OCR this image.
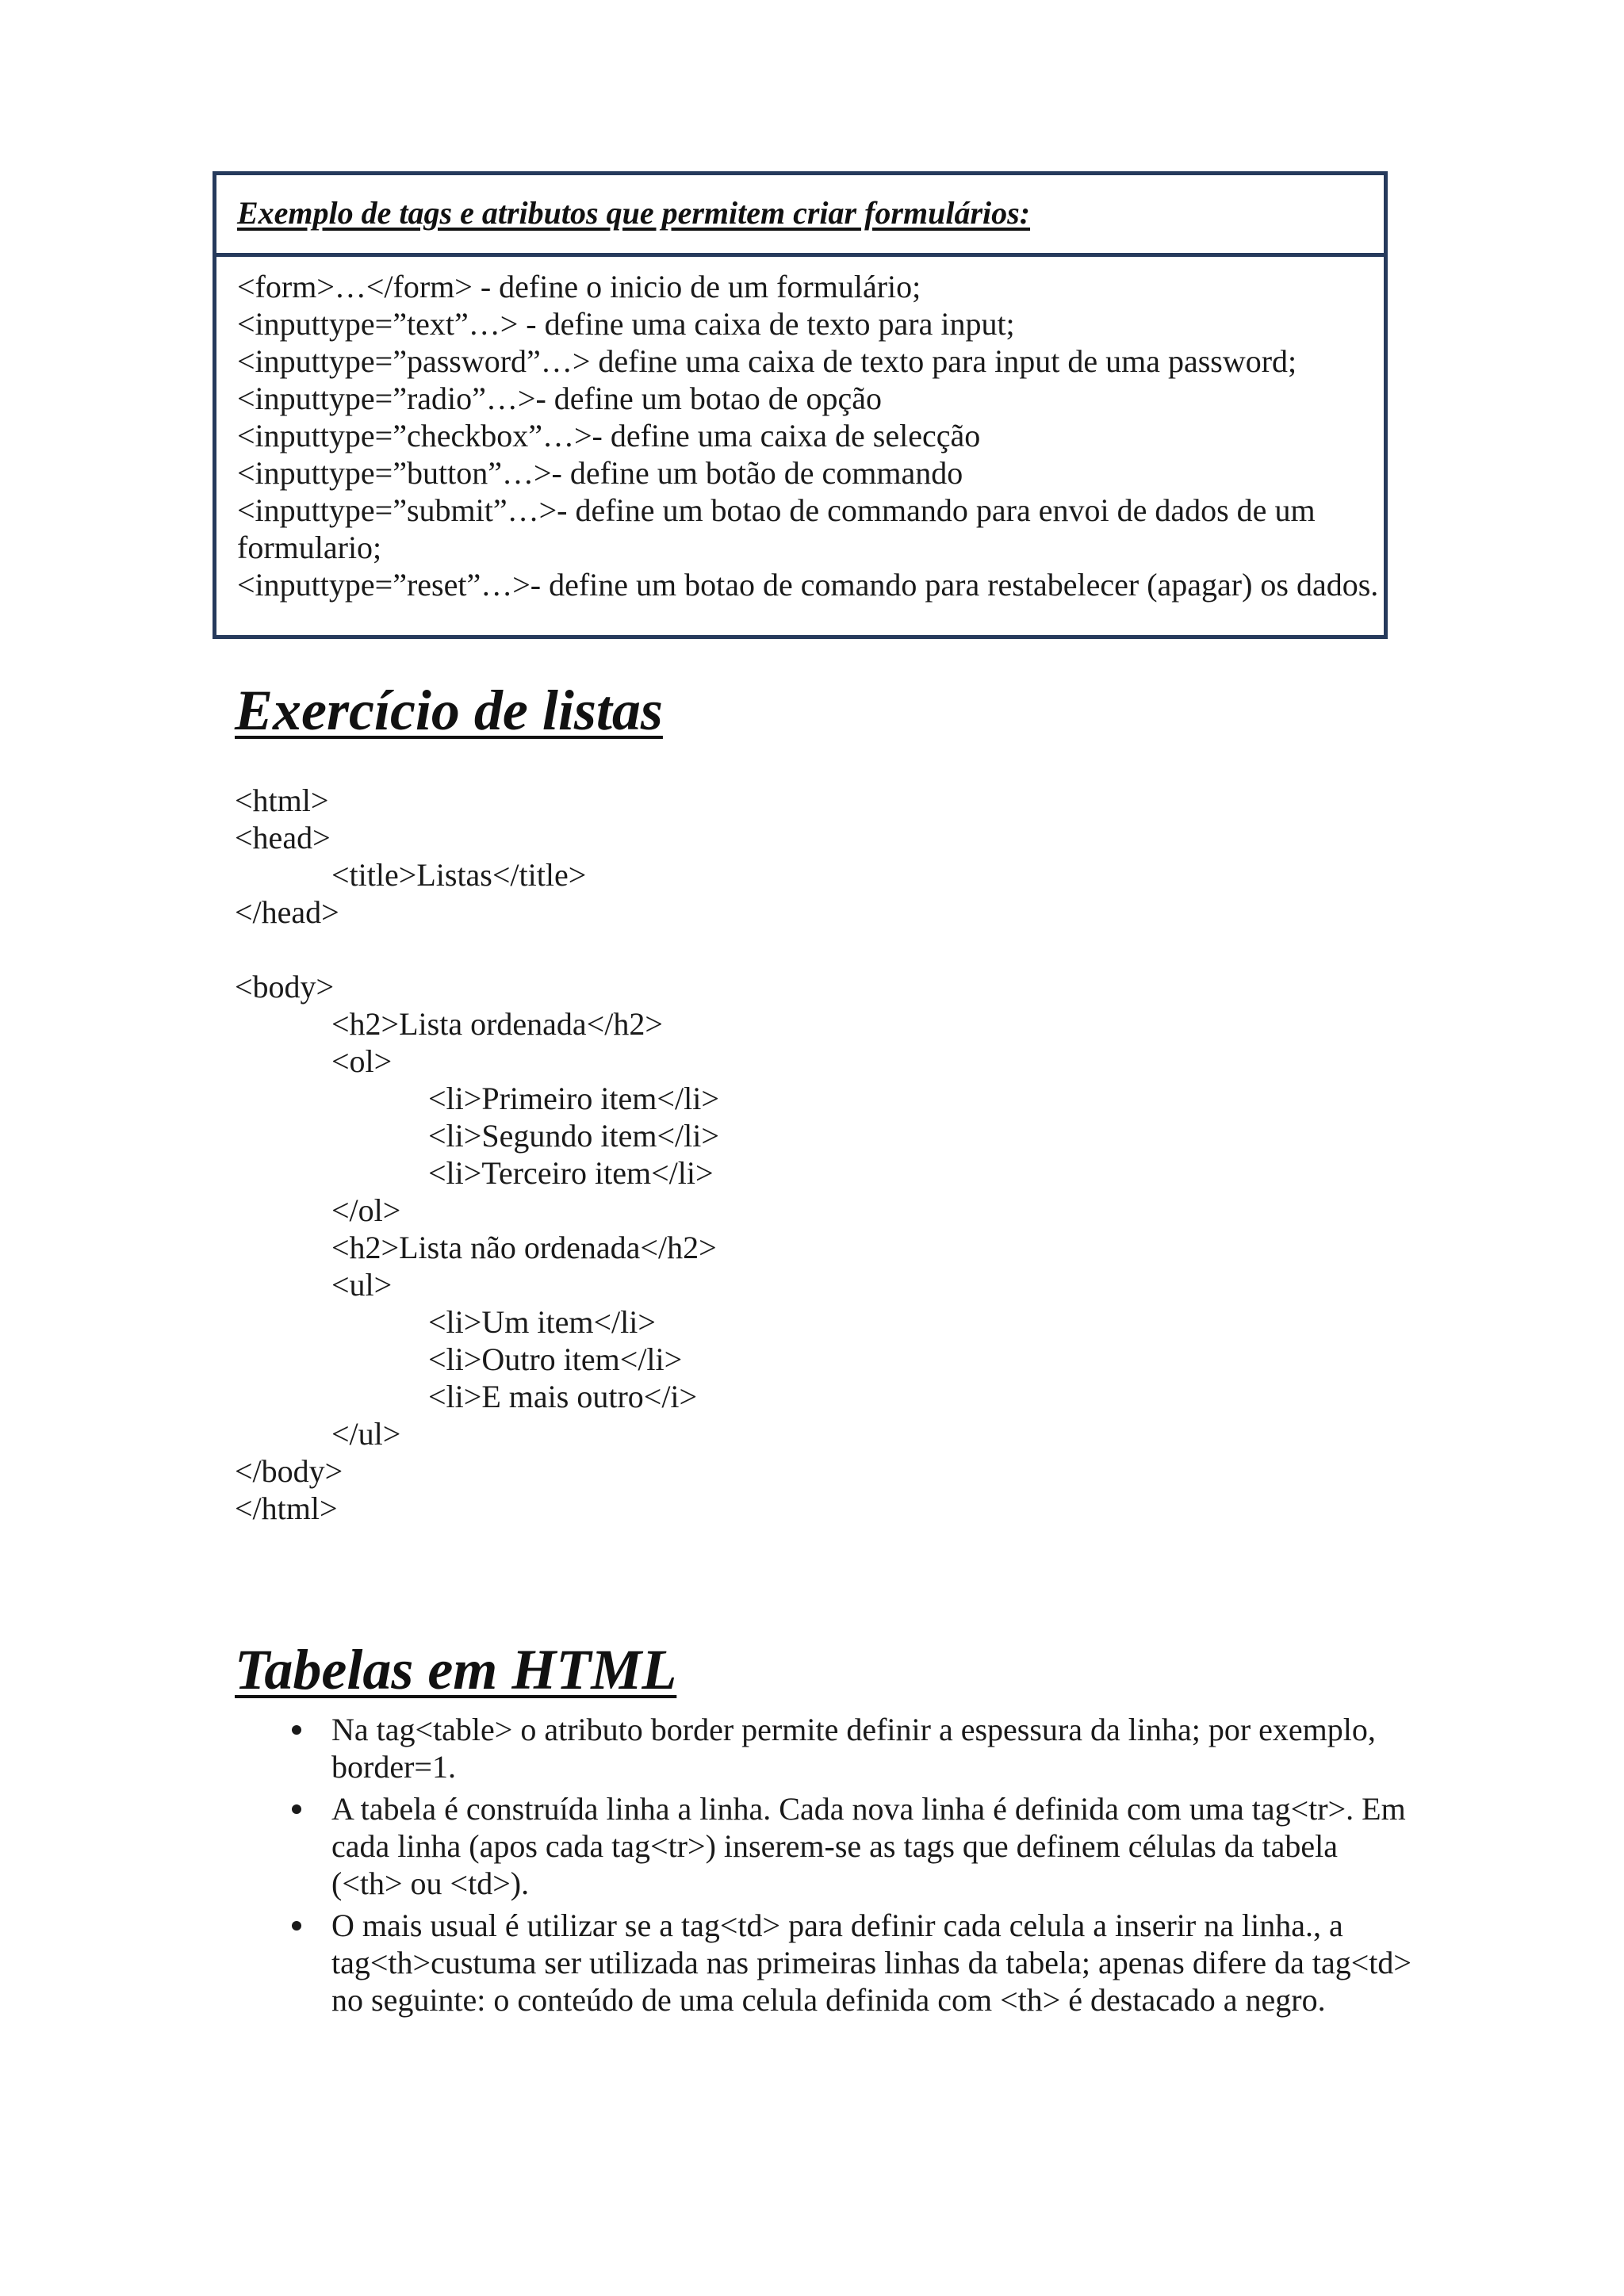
Exemplo de tags e atributos que permitem criar formulários:
<form>…</form> - define o inicio de um formulário;
<inputtype=”text”…> - define uma caixa de texto para input;
<inputtype=”password”…> define uma caixa de texto para input de uma password;
<inputtype=”radio”…>- define um botao de opção
<inputtype=”checkbox”…>- define uma caixa de selecção
<inputtype=”button”…>- define um botão de commando
<inputtype=”submit”…>- define um botao de commando para envoi de dados de um
formulario;
<inputtype=”reset”…>- define um botao de comando para restabelecer (apagar) os dados.
Exercício de listas
<html>
<head>
<title>Listas</title>
</head>
<body>
<h2>Lista ordenada</h2>
<ol>
<li>Primeiro item</li>
<li>Segundo item</li>
<li>Terceiro item</li>
</ol>
<h2>Lista não ordenada</h2>
<ul>
<li>Um item</li>
<li>Outro item</li>
<li>E mais outro</i>
</ul>
</body>
</html>
Tabelas em HTML
Na tag<table> o atributo border permite definir a espessura da linha; por exemplo, border=1.
A tabela é construída linha a linha. Cada nova linha é definida com uma tag<tr>. Em cada linha (apos cada tag<tr>) inserem-se as tags que definem células da tabela (<th> ou <td>).
O mais usual é utilizar se a tag<td> para definir cada celula a inserir na linha., a tag<th>custuma ser utilizada nas primeiras linhas da tabela; apenas difere da tag<td> no seguinte: o conteúdo de uma celula definida com <th> é destacado a negro.
